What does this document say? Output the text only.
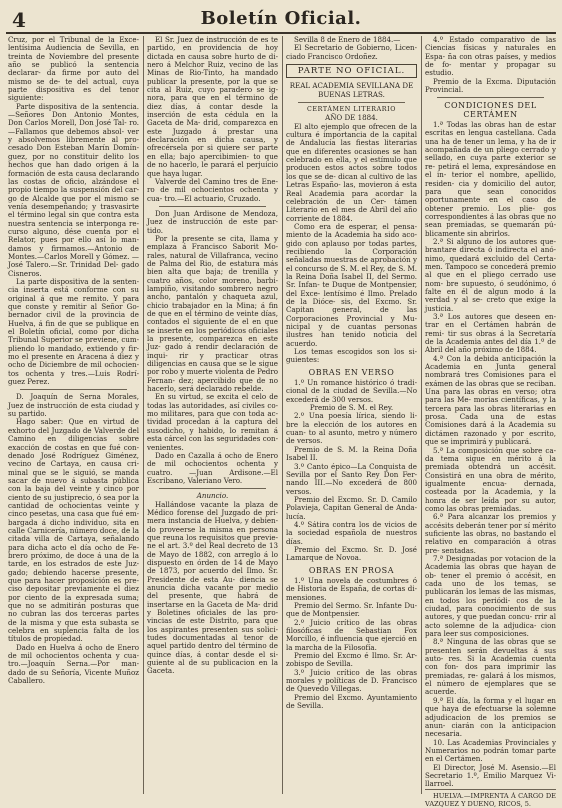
4	Boletín Oficial.

Cruz, por el Tribunal de la Exce- lentísima Audiencia de Sevilla, en treinta de Noviembre del presente año se publicó la sentencia declarar- da firme por auto del mismo se de- te del actual, cuya parte dispositiva es del tenor siguiente:

Parte dispositiva de la sentencia. —Señores Don Antonio Montes, Don Carlos Morell, Don José Tal- ro.—Fallamos que debemos absol- ver y absolvemos libremente al pro- cesado Don Esteban Marín Domín- guez, por no constituir delito los hechos que han dado origen á la formación de esta causa declarando las costas de oficio, alzándose el propio tiempo la suspensión del car- go de Alcalde que por el mismo se venía desempeñando; y trasvasirte el término legal sin que contra esta nuestra sentencia se interponga re- curso alguno, dése cuenta por el Relator, pues por ello así lo man- damos y firmamos.—Antonio de Montes.—Carlos Morell y Gómez. —José Talero.—Sr. Trinidad Del- gado Cisneros.

La parte dispositiva de la senten- cia inserta está conforme con su original á que me remito. Y para que conste y remitir al Señor Go- bernador civil de la provincia de Huelva, á fin de que se publique en el Boletín oficial, como por dicha Tribunal Superior se previene, cum- pliendo lo mandado, extiendo y fir- mo el presente en Aracena á diez y ocho de Diciembre de mil ochocien- tos ochenta y tres.—Luis Rodrí- guez Perez.

D. Joaquín de Serna Morales, Juez de instrucción de esta ciudad y su partido.

Hago saber: Que en virtud de exhorto del Juzgado de Valverde del Camino en diligencias sobre exacción de costas en que fué con- denado José Rodríguez Giménez, vecino de Cartaya, en causa cri- minal que se le siguió, se manda sacar de nuevo á subasta pública con la baja del veinte y cinco por ciento de su justiprecio, ó sea por la cantidad de ochocientas veinte y cinco pesetas, una casa que fué em- bargada á dicho individuo, sita en calle Carnicería, número doce, de la citada villa de Cartaya, señalando para dicha acto el día ocho de Fe- brero próximo, de doce á una de la tarde, en los estrados de este Juz- gado; debiendo hacerse presente, que para hacer proposición es pre- ciso depositar previamente el diez por ciento de la expresada suma; que no se admitirán posturas que no cubran las dos terceras partes de la misma y que esta subasta se celebra en suplencia falta de los títulos de propiedad.

Dado en Huelva á ocho de Enero de mil ochocientos ochenta y cua- tro.—Joaquín Serna.—Por man- dado de su Señoría, Vicente Muñoz Caballero.

El Sr. Juez de instrucción de es te partido, en providencia de hoy dictada en causa sobre hurto de di- nero á Melchor Ruiz, vecino de las Minas de Rio-Tinto, ha mandado publicar la presente, por la que se cita al Ruiz, cuyo paradero se ig- nora, para que en el término de diez días, á contar desde la inserción de esta cédula en la Gaceta de Ma- drid, comparezca en este Juzgado á prestar una declaración en dicha causa, y ofrecérsela por si quiere ser parte en ella; bajo apercibimien- to que de no hacerlo, le parará el perjuicio que haya lugar.

Valverde del Camino tres de Ene- ro de mil ochocientos ochenta y cua- tro.—El actuario, Cruzado.

Don Juan Ardisone de Mendoza, Juez de instrucción de este par- tido.

Por la presente se cita, llama y emplaza á Francisco Saborit Mo- rales, natural de Villafranca, vecino de Palma del Rio, de estatura más bien alta que baja; de trenilla y cuatro años, color moreno, barbi- lampiño, visitando sombrero negro ancho, pantalón y chaqueta azul, chicio trabajador en la Mina; á fin de que en el término de veinte días, contados el siguiente de el en que se inserte en los periódicos oficiales la presente, comparezca en este Juz- gado á rendir declaración de inqui- rir y practicar otras diligencias en causa que se le sigue por robo y muerte violenta de Pedro Fernan- dez; apercibido que de no hacerlo, será declarado rebelde.

En su virtud, se excita el celo de todas las autoridades, así civiles co- mo militares, para que con toda ac- tividad procedan á la captura del susodicho, y habido, lo remitan á esta cárcel con las seguridades con- venientes.

Dado en Cazalla á ocho de Enero de mil ochocientos ochenta y cuatro. —Juan Ardisone.—El Escribano, Valeriano Vero.

Anuncio.

Hallándose vacante la plaza de Médico forense del Juzgado de pri- mera instancia de Huelva, y debien- do proveerse la misma en persona que reuna los requisitos que previe- ne el art. 3.º del Real decreto de 13 de Mayo de 1882, con arreglo á lo dispuesto en órden de 14 de Mayo de 1873, por acuerdo del Ilmo. Sr. Presidente de esta Au- diencia se anuncia dicha vacante por medio del presente, que habrá de insertarse en la Gaceta de Ma- drid y Boletines oficiales de las pro- vincias de este Distrito, para que los aspirantes presenten sus solici- tudes documentadas al tenor de aquel partido dentro del término de quince días, á contar desde el si- guiente al de su publicacion en la Gaceta.

Sevilla 8 de Enero de 1884.—

El Secretario de Gobierno, Licen- ciado Francisco Ordoñez.

PARTE NO OFICIAL.

REAL ACADEMIA SEVILLANA DE BUENAS LETRAS.

CERTÁMEN LITERARIO

AÑO DE 1884.

El alto ejemplo que ofrecen de la cultura é importancia de la capital de Andalucía las fiestas literarias que en diferentes ocasiones se han celebrado en ella, y el estímulo que producen estos actos sobre todos los que se de- dican al cultivo de las Letras Españo- las, movieron á esta Real Academia para acordar la celebración de un Cer- támen Literario en el mes de Abril del año corriente de 1884.

Como era de esperar, el pensa- miento de la Academia ha sido aco- gido con aplauso por todas partes, recibiendo la Corporación señaladas muestras de aprobación y el concurso de S. M. el Rey, de S. M. la Reina Doña Isabel II, del Sermo. Sr. Infan- te Duque de Montpensier, del Exce- lentísimo é Ilmo. Prelado de la Dióce- sis, del Excmo. Sr. Capitan general, de las Corporaciones Provincial y Mu- nicipal y de cuantas personas ilustres han tenido noticia del acuerdo.

Los temas escogidos son los si- guientes:

OBRAS EN VERSO

1.º Un romance histórico ó tradi- cional de la ciudad de Sevilla.—No excederá de 300 versos.

Premio de S. M. el Rey.

2.º Una poesía lírica, siendo li- bre la elección de los autores en cuan- to al asunto, metro y número de versos.

Premio de S. M. la Reina Doña Isabel II.

3.º Canto épico—La Conquista de Sevilla por el Santo Rey Don Fer- nando III.—No excederá de 800 versos.

Premio del Excmo. Sr. D. Camilo Polavieja, Capitan General de Anda- lucía.

4.º Sátira contra los de vicios de la sociedad española de nuestros días.

Premio del Excmo. Sr. D. José Lamarque de Novoa.

OBRAS EN PROSA

1.º Una novela de costumbres ó de Historia de España, de cortas di- mensiones.

Premio del Sermo. Sr. Infante Du- que de Montpensier.

2.º Juicio crítico de las obras filosóficas de Sebastian Fox Morcillo, é influencia que ejerció en la marcha de la Filosofía.

Premio del Excmo é Ilmo. Sr. Ar- zobispo de Sevilla.

3.º Juicio crítico de las obras morales y políticas de D. Francisco de Quevedo Villegas.

Premio del Excmo. Ayuntamiento de Sevilla.

4.º Estado comparativo de las Ciencias físicas y naturales en Espa- ña con otras países, y medios de fo- mentar y propagar su estudio.

Premio de la Excma. Diputación Provincial.

CONDICIONES DEL CERTÁMEN

1.ª Todas las obras han de estar escritas en lengua castellana. Cada una ha de tener un lema, y ha de ir acompañada de un pliego cerrado y sellado, en cuya parte exterior se re- petirá el lema, expresándose en el in- terior el nombre, apellido, residen- cia y domicilio del autor, para que sean conocidos oportunamente en el caso de obtener premio. Los plie- gos correspondientes á las obras que no sean premiadas, se quemarán pú- blicamente sin abrirlos.

2.ª Si alguno de los autores que- brantare directa ó indirecta el anó- nimo, quedará excluido del Certa- men. Tampoco se concederá premio al que en el pliego cerrado use nom- bre supuesto, ó seudónimo, ó falte en él de algun modo á la verdad y al se- creto que exige la justicia.

3.ª Los autores que deseen en- trar en el Certámen habrán de remi- tir sus obras á la Secretaría de la Academia antes del día 1.º de Abril del año próximo de 1884.

4.ª Con la debida anticipación la Academia en Junta general nombrará tres Comisiones para el exámen de las obras que se reciban. Una para las obras en verso; otra para las Me- morias científicas, y la tercera para las obras literarias en prosa. Cada una de estas Comisiones dará á la Academia su dictámen razonado y por escrito, que se imprimirá y publicará.

5.ª La composición que sobre ca- da tema sigue en mérito á la premiada obtendrá un accésit. Consistirá en una obra de mérito, igualmente encua- dernada, costeada por la Academia, y la honra de ser leída por su autor, como las obras premiadas.

6.ª Para alcanzar los premios y accésits deberán tener por sí mérito suficiente las obras, no bastando el relativo en comparación á otras pre- sentadas.

7.ª Designadas por votacion de la Academia las obras que hayan de ob- tener el premio ó accésit, en cada uno de los temas, se publicarán los lemas de las mismas, en todos los periódi- cos de la ciudad, para conocimiento de sus autores, y que puedan concu- rrir al acto solemne de la adjudica- cion para leer sus composiciones.

8.ª Ninguna de las obras que se presenten serán devueltas á sus auto- res. Si la Academia cuenta con fon- dos para imprimir las premiadas, re- galará á los mismos, el número de ejemplares que se acuerde.

9.ª El día, la forma y el lugar en que haya de efectuarse la solemne adjudicacion de los premios se anun- ciarán con la anticipacion necesaria.

10. Las Academias Provinciales y Numerarios no podrán tomar parte en el Certámen.

El Director, José M. Asensio.—El Secretario 1.º, Emilio Marquez Vi- llarroel.

HUELVA.—IMPRENTA Á CARGO DE VAZQUEZ Y DUENO, RICOS, 5.
